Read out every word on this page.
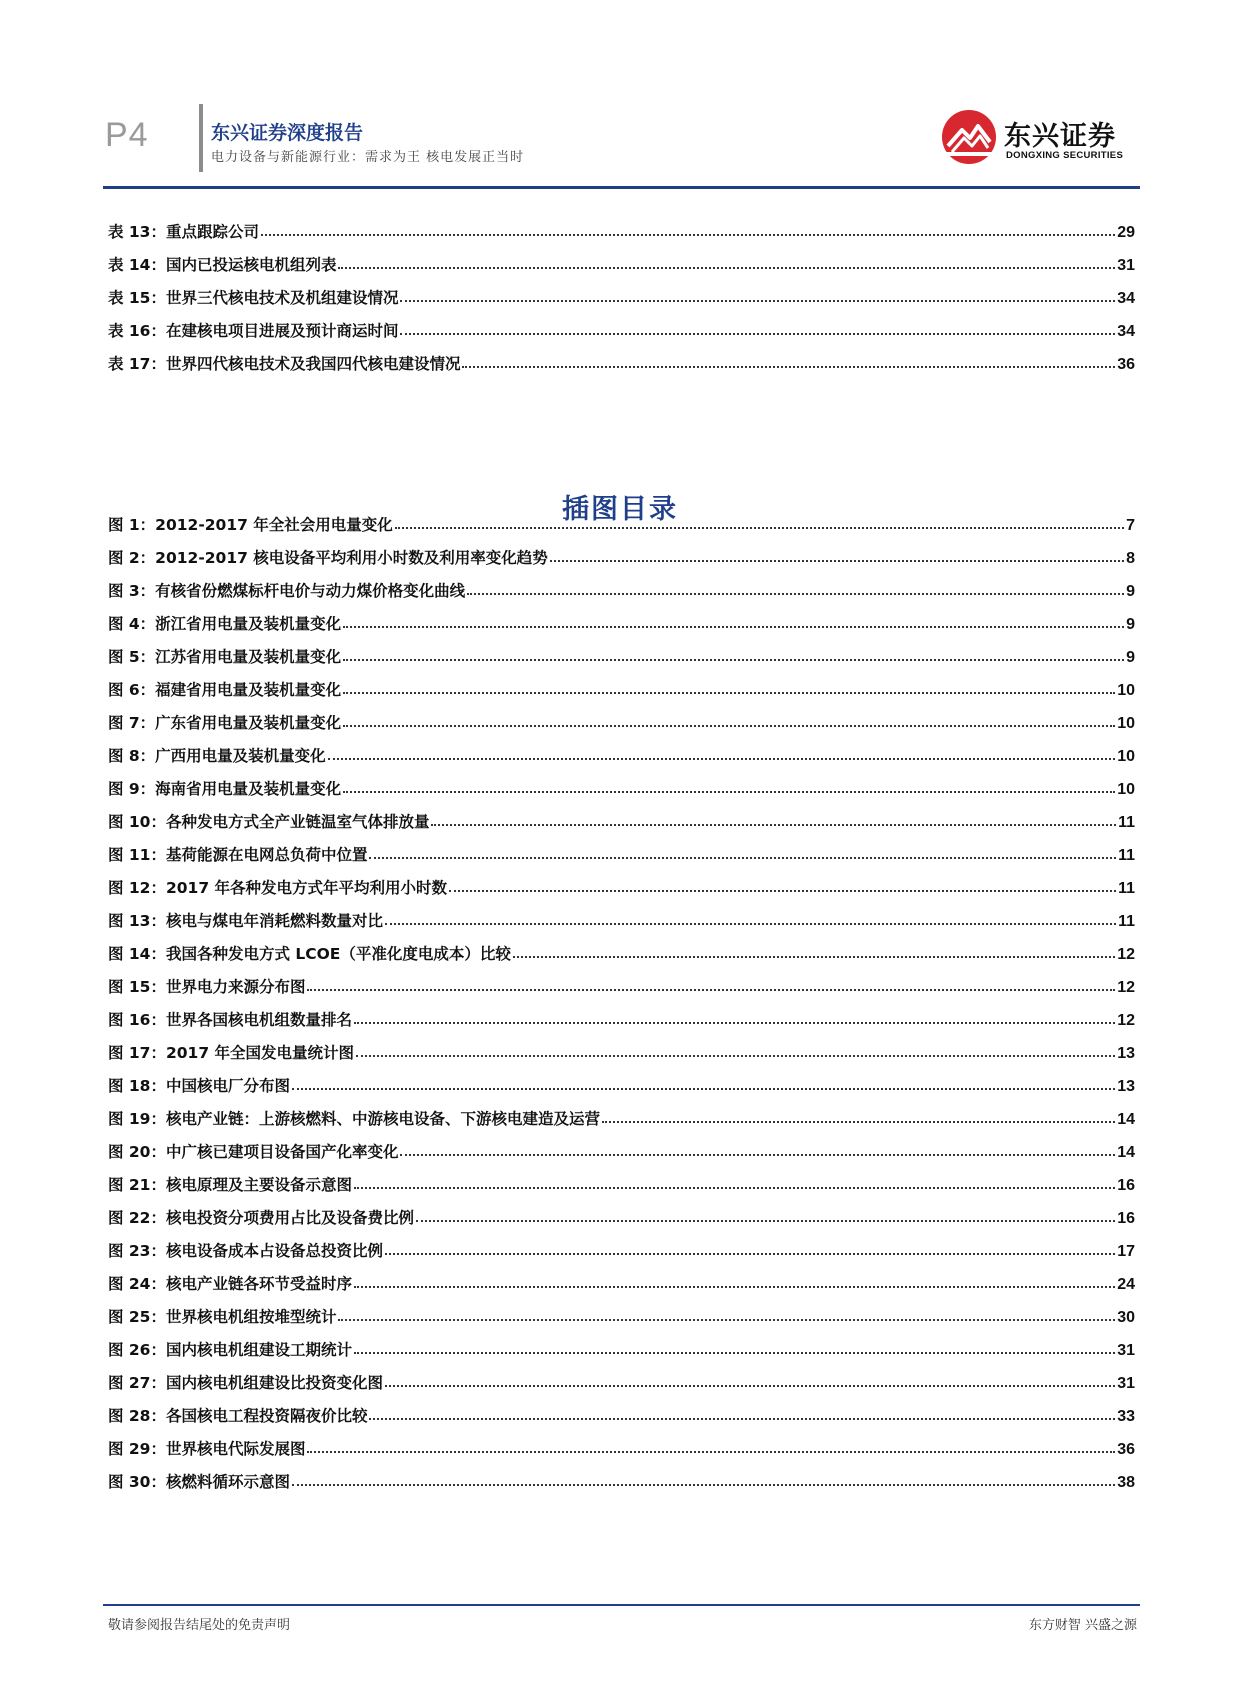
P4	东兴证券深度报告
电力设备与新能源行业：需求为王 核电发展正当时
东兴证券
DONGXING SECURITIES
表 13：重点跟踪公司	29
表 14：国内已投运核电机组列表	31
表 15：世界三代核电技术及机组建设情况	34
表 16：在建核电项目进展及预计商运时间	34
表 17：世界四代核电技术及我国四代核电建设情况	36
插图目录
图 1：2012-2017 年全社会用电量变化	7
图 2：2012-2017 核电设备平均利用小时数及利用率变化趋势	8
图 3：有核省份燃煤标杆电价与动力煤价格变化曲线	9
图 4：浙江省用电量及装机量变化	9
图 5：江苏省用电量及装机量变化	9
图 6：福建省用电量及装机量变化	10
图 7：广东省用电量及装机量变化	10
图 8：广西用电量及装机量变化	10
图 9：海南省用电量及装机量变化	10
图 10：各种发电方式全产业链温室气体排放量	11
图 11：基荷能源在电网总负荷中位置	11
图 12：2017 年各种发电方式年平均利用小时数	11
图 13：核电与煤电年消耗燃料数量对比	11
图 14：我国各种发电方式 LCOE（平准化度电成本）比较	12
图 15：世界电力来源分布图	12
图 16：世界各国核电机组数量排名	12
图 17：2017 年全国发电量统计图	13
图 18：中国核电厂分布图	13
图 19：核电产业链：上游核燃料、中游核电设备、下游核电建造及运营	14
图 20：中广核已建项目设备国产化率变化	14
图 21：核电原理及主要设备示意图	16
图 22：核电投资分项费用占比及设备费比例	16
图 23：核电设备成本占设备总投资比例	17
图 24：核电产业链各环节受益时序	24
图 25：世界核电机组按堆型统计	30
图 26：国内核电机组建设工期统计	31
图 27：国内核电机组建设比投资变化图	31
图 28：各国核电工程投资隔夜价比较	33
图 29：世界核电代际发展图	36
图 30：核燃料循环示意图	38
敬请参阅报告结尾处的免责声明	东方财智 兴盛之源
